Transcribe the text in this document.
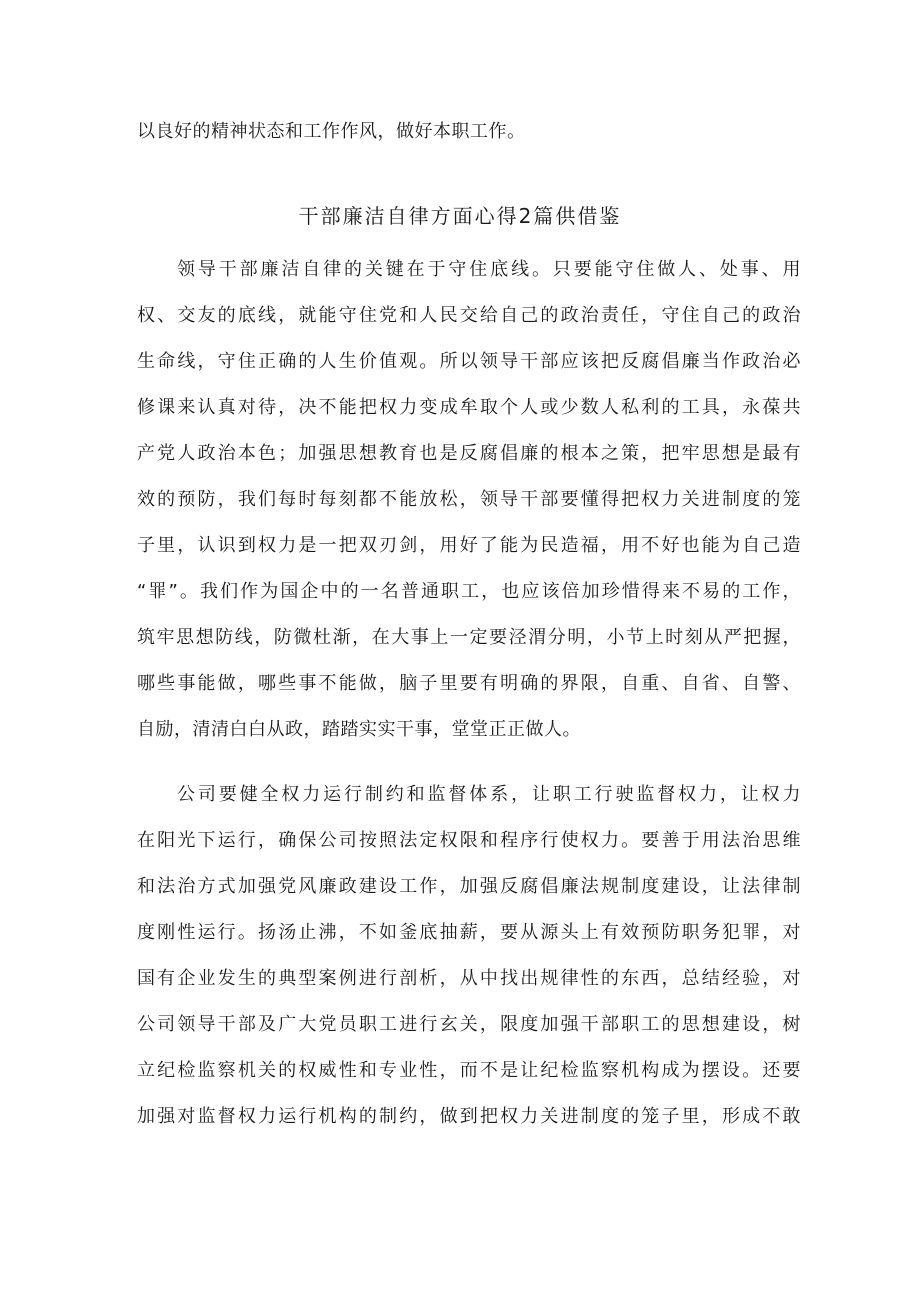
以良好的精神状态和工作作风，做好本职工作。
干部廉洁自律方面心得2篇供借鉴
领导干部廉洁自律的关键在于守住底线。只要能守住做人、处事、用
权、交友的底线，就能守住党和人民交给自己的政治责任，守住自己的政治
生命线，守住正确的人生价值观。所以领导干部应该把反腐倡廉当作政治必
修课来认真对待，决不能把权力变成牟取个人或少数人私利的工具，永葆共
产党人政治本色；加强思想教育也是反腐倡廉的根本之策，把牢思想是最有
效的预防，我们每时每刻都不能放松，领导干部要懂得把权力关进制度的笼
子里，认识到权力是一把双刃剑，用好了能为民造福，用不好也能为自己造
“罪”。我们作为国企中的一名普通职工，也应该倍加珍惜得来不易的工作，
筑牢思想防线，防微杜渐，在大事上一定要泾渭分明，小节上时刻从严把握，
哪些事能做，哪些事不能做，脑子里要有明确的界限，自重、自省、自警、
自励，清清白白从政，踏踏实实干事，堂堂正正做人。
公司要健全权力运行制约和监督体系，让职工行驶监督权力，让权力
在阳光下运行，确保公司按照法定权限和程序行使权力。要善于用法治思维
和法治方式加强党风廉政建设工作，加强反腐倡廉法规制度建设，让法律制
度刚性运行。扬汤止沸，不如釜底抽薪，要从源头上有效预防职务犯罪，对
国有企业发生的典型案例进行剖析，从中找出规律性的东西，总结经验，对
公司领导干部及广大党员职工进行玄关，限度加强干部职工的思想建设，树
立纪检监察机关的权威性和专业性，而不是让纪检监察机构成为摆设。还要
加强对监督权力运行机构的制约，做到把权力关进制度的笼子里，形成不敢
